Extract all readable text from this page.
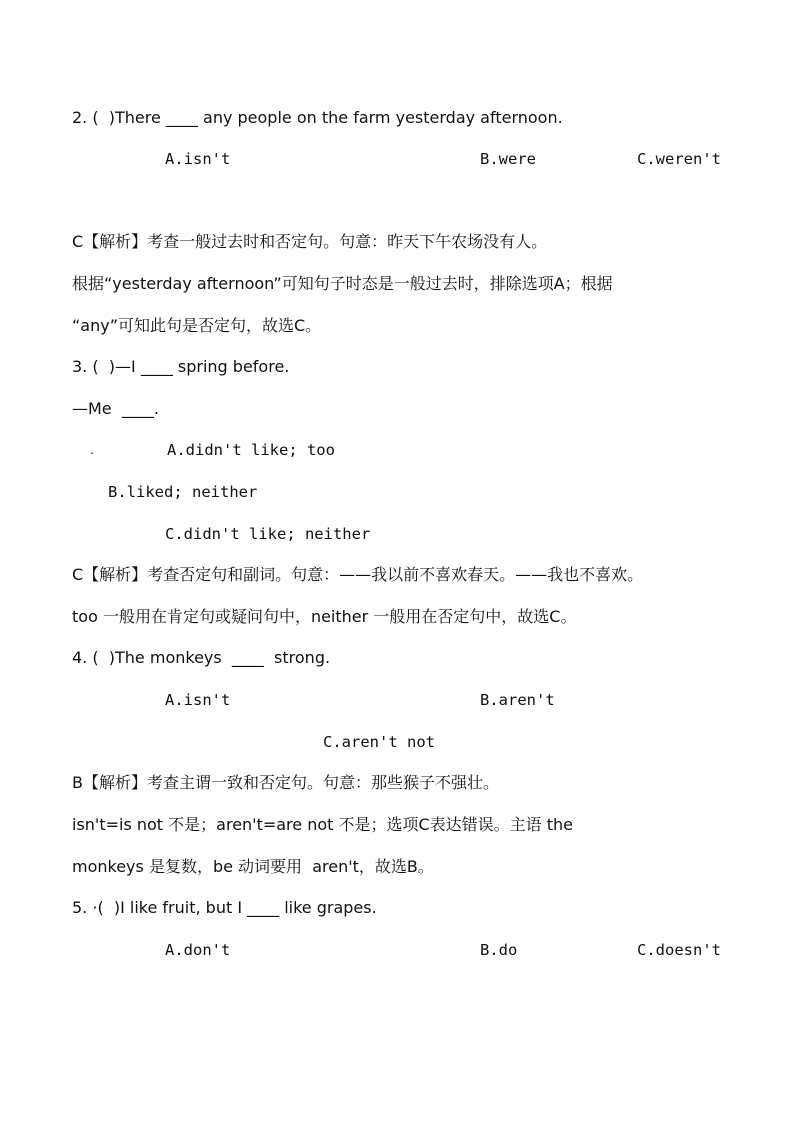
2. (  )There ____ any people on the farm yesterday afternoon.
A.isn't	B.were	C.weren't
C【解析】考查一般过去时和否定句。句意：昨天下午农场没有人。
根据“yesterday afternoon”可知句子时态是一般过去时，排除选项A；根据
“any”可知此句是否定句，故选C。
3. (  )—I ____ spring before.
—Me  ____.
.	A.didn't like; too
B.liked; neither
C.didn't like; neither
C【解析】考查否定句和副词。句意：——我以前不喜欢春天。——我也不喜欢。
too 一般用在肯定句或疑问句中，neither 一般用在否定句中，故选C。
4. (  )The monkeys  ____  strong.
A.isn't	B.aren't
C.aren't not
B【解析】考查主谓一致和否定句。句意：那些猴子不强壮。
isn't=is not 不是；aren't=are not 不是；选项C表达错误。主语 the
monkeys 是复数，be 动词要用  aren't，故选B。
5. ·(  )I like fruit, but I ____ like grapes.
A.don't	B.do	C.doesn't
